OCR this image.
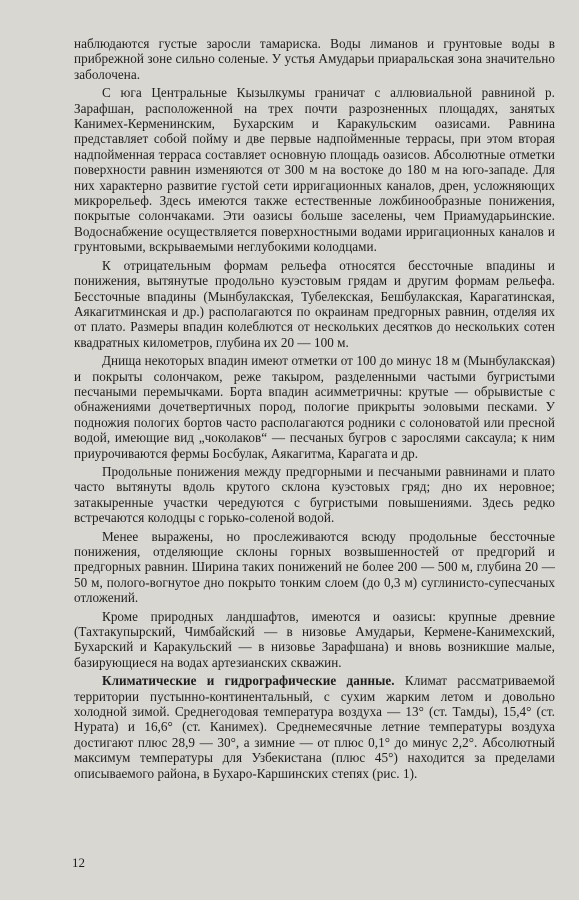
наблюдаются густые заросли тамариска. Воды лиманов и грунтовые воды в прибрежной зоне сильно соленые. У устья Амударьи приаральская зона значительно заболочена.

С юга Центральные Кызылкумы граничат с аллювиальной равниной р. Зарафшан, расположенной на трех почти разрозненных площадях, занятых Канимех-Керменинским, Бухарским и Каракульским оазисами. Равнина представляет собой пойму и две первые надпойменные террасы, при этом вторая надпойменная терраса составляет основную площадь оазисов. Абсолютные отметки поверхности равнин изменяются от 300 м на востоке до 180 м на юго-западе. Для них характерно развитие густой сети ирригационных каналов, дрен, усложняющих микрорельеф. Здесь имеются также естественные ложбинообразные понижения, покрытые солончаками. Эти оазисы больше заселены, чем Приамударьинские. Водоснабжение осуществляется поверхностными водами ирригационных каналов и грунтовыми, вскрываемыми неглубокими колодцами.

К отрицательным формам рельефа относятся бессточные впадины и понижения, вытянутые продольно куэстовым грядам и другим формам рельефа. Бессточные впадины (Мынбулакская, Тубелекская, Бешбулакская, Карагатинская, Аякагитминская и др.) располагаются по окраинам предгорных равнин, отделяя их от плато. Размеры впадин колеблются от нескольких десятков до нескольких сотен квадратных километров, глубина их 20 — 100 м.

Днища некоторых впадин имеют отметки от 100 до минус 18 м (Мынбулакская) и покрыты солончаком, реже такыром, разделенными частыми бугристыми песчаными перемычками. Борта впадин асимметричны: крутые — обрывистые с обнажениями дочетвертичных пород, пологие прикрыты эоловыми песками. У подножия пологих бортов часто располагаются родники с солоноватой или пресной водой, имеющие вид „чоколаков“ — песчаных бугров с зарослями саксаула; к ним приурочиваются фермы Босбулак, Аякагитма, Карагата и др.

Продольные понижения между предгорными и песчаными равнинами и плато часто вытянуты вдоль крутого склона куэстовых гряд; дно их неровное; затакыренные участки чередуются с бугристыми повышениями. Здесь редко встречаются колодцы с горько-соленой водой.

Менее выражены, но прослеживаются всюду продольные бессточные понижения, отделяющие склоны горных возвышенностей от предгорий и предгорных равнин. Ширина таких понижений не более 200 — 500 м, глубина 20 — 50 м, полого-вогнутое дно покрыто тонким слоем (до 0,3 м) суглинисто-супесчаных отложений.

Кроме природных ландшафтов, имеются и оазисы: крупные древние (Тахтакупырский, Чимбайский — в низовье Амударьи, Кермене-Канимехский, Бухарский и Каракульский — в низовье Зарафшана) и вновь возникшие малые, базирующиеся на водах артезианских скважин.

Климатические и гидрографические данные. Климат рассматриваемой территории пустынно-континентальный, с сухим жарким летом и довольно холодной зимой. Среднегодовая температура воздуха — 13° (ст. Тамды), 15,4° (ст. Нурата) и 16,6° (ст. Канимех). Среднемесячные летние температуры воздуха достигают плюс 28,9 — 30°, а зимние — от плюс 0,1° до минус 2,2°. Абсолютный максимум температуры для Узбекистана (плюс 45°) находится за пределами описываемого района, в Бухаро-Каршинских степях (рис. 1).

12
